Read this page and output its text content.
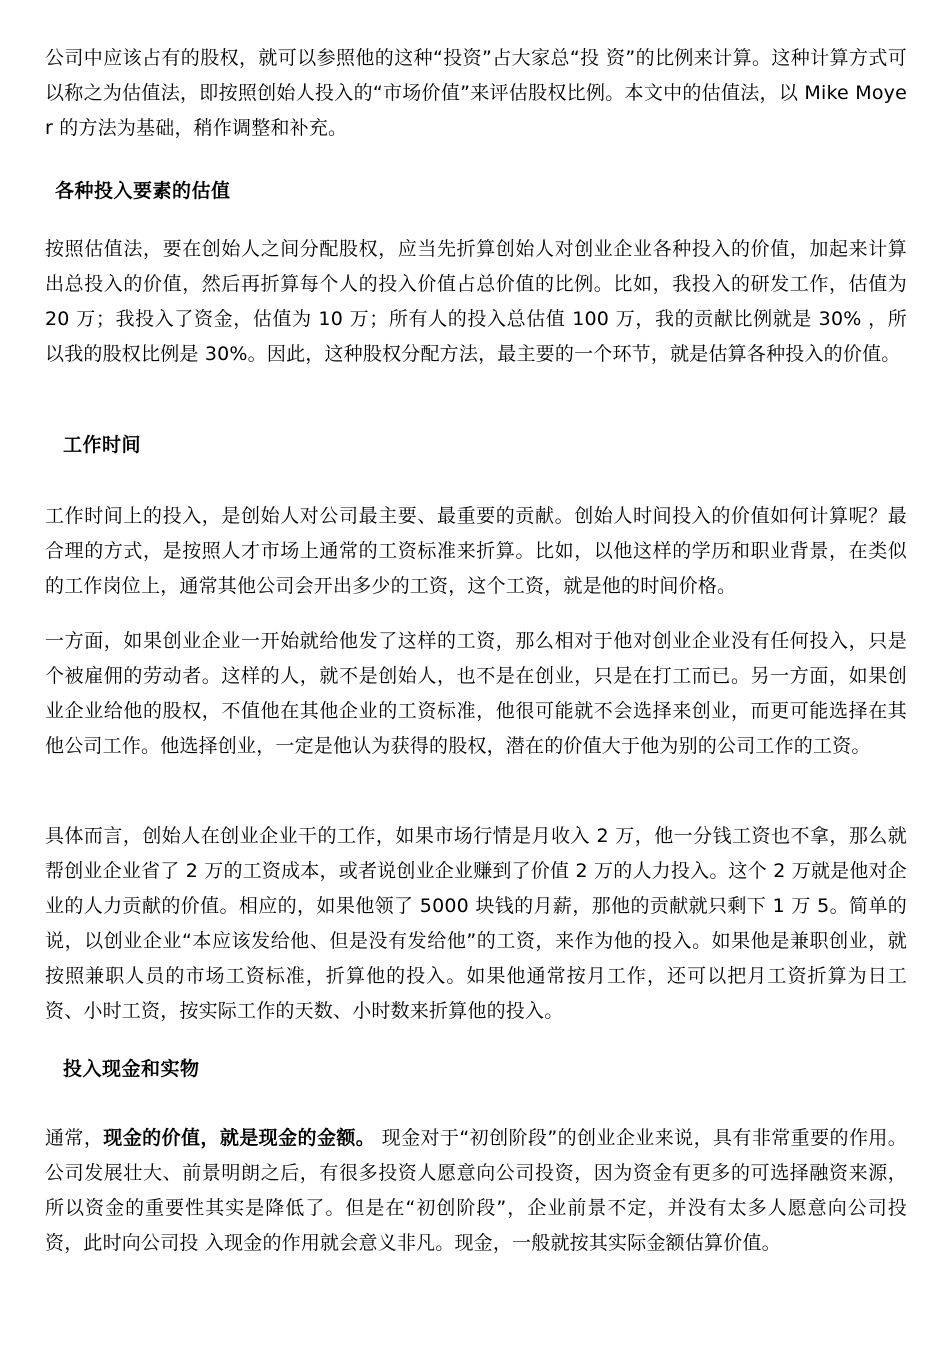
公司中应该占有的股权，就可以参照他的这种“投资”占大家总“投 资”的比例来计算。这种计算方式可以称之为估值法，即按照创始人投入的“市场价值”来评估股权比例。本文中的估值法，以 Mike Moyer 的方法为基础，稍作调整和补充。

各种投入要素的估值

按照估值法，要在创始人之间分配股权，应当先折算创始人对创业企业各种投入的价值，加起来计算出总投入的价值，然后再折算每个人的投入价值占总价值的比例。比如，我投入的研发工作，估值为 20 万；我投入了资金，估值为 10 万；所有人的投入总估值 100 万，我的贡献比例就是 30% ，所以我的股权比例是 30%。因此，这种股权分配方法，最主要的一个环节，就是估算各种投入的价值。

工作时间

工作时间上的投入，是创始人对公司最主要、最重要的贡献。创始人时间投入的价值如何计算呢？最合理的方式，是按照人才市场上通常的工资标准来折算。比如，以他这样的学历和职业背景，在类似的工作岗位上，通常其他公司会开出多少的工资，这个工资，就是他的时间价格。

一方面，如果创业企业一开始就给他发了这样的工资，那么相对于他对创业企业没有任何投入，只是个被雇佣的劳动者。这样的人，就不是创始人，也不是在创业，只是在打工而已。另一方面，如果创业企业给他的股权，不值他在其他企业的工资标准，他很可能就不会选择来创业，而更可能选择在其他公司工作。他选择创业，一定是他认为获得的股权，潜在的价值大于他为别的公司工作的工资。

具体而言，创始人在创业企业干的工作，如果市场行情是月收入 2 万，他一分钱工资也不拿，那么就帮创业企业省了 2 万的工资成本，或者说创业企业赚到了价值 2 万的人力投入。这个 2 万就是他对企业的人力贡献的价值。相应的，如果他领了 5000 块钱的月薪，那他的贡献就只剩下 1 万 5。简单的说，以创业企业“本应该发给他、但是没有发给他”的工资，来作为他的投入。如果他是兼职创业，就按照兼职人员的市场工资标准，折算他的投入。如果他通常按月工作，还可以把月工资折算为日工资、小时工资，按实际工作的天数、小时数来折算他的投入。

投入现金和实物

通常，现金的价值，就是现金的金额。 现金对于“初创阶段”的创业企业来说，具有非常重要的作用。公司发展壮大、前景明朗之后，有很多投资人愿意向公司投资，因为资金有更多的可选择融资来源，所以资金的重要性其实是降低了。但是在“初创阶段”，企业前景不定，并没有太多人愿意向公司投资，此时向公司投 入现金的作用就会意义非凡。现金，一般就按其实际金额估算价值。
